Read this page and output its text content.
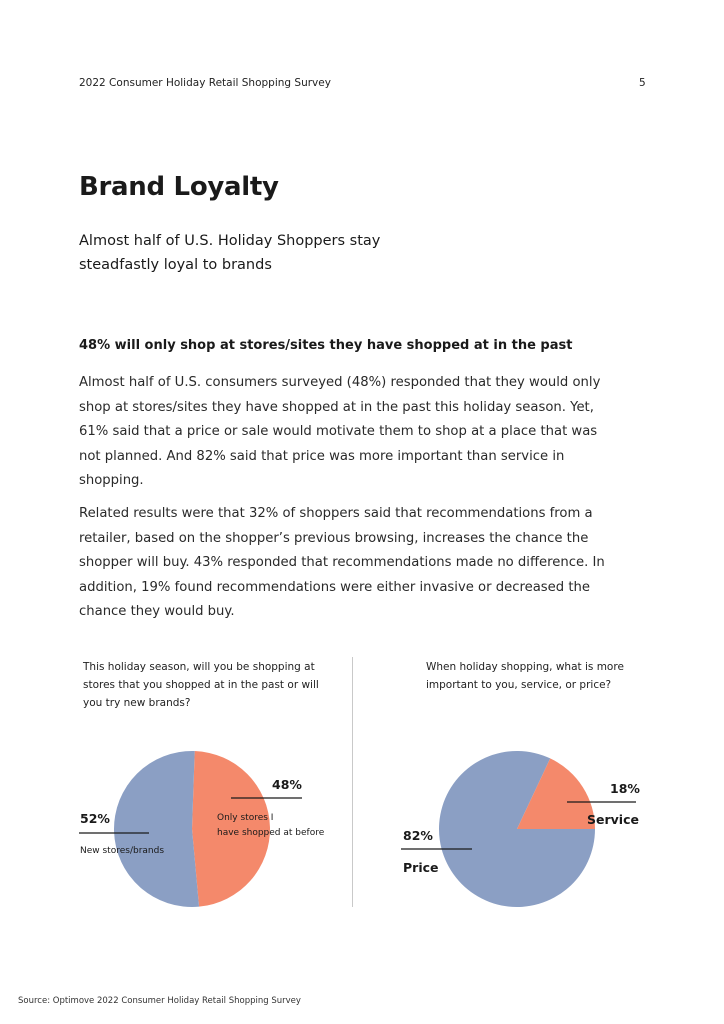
2022 Consumer Holiday Retail Shopping Survey	5
Brand Loyalty
Almost half of U.S. Holiday Shoppers stay steadfastly loyal to brands
48% will only shop at stores/sites they have shopped at in the past

Almost half of U.S. consumers surveyed (48%) responded that they would only shop at stores/sites they have shopped at in the past this holiday season. Yet, 61% said that a price or sale would motivate them to shop at a place that was not planned. And 82% said that price was more important than service in shopping.

Related results were that 32% of shoppers said that recommendations from a retailer, based on the shopper’s previous browsing, increases the chance the shopper will buy. 43% responded that recommendations made no difference. In addition, 19% found recommendations were either invasive or decreased the chance they would buy.

This holiday season, will you be shopping at stores that you shopped at in the past or will you try new brands?
When holiday shopping, what is more important to you, service, or price?
48%
Only stores I have shopped at before
52%
New stores/brands
18%
Service
82%
Price
Source: Optimove 2022 Consumer Holiday Retail Shopping Survey
